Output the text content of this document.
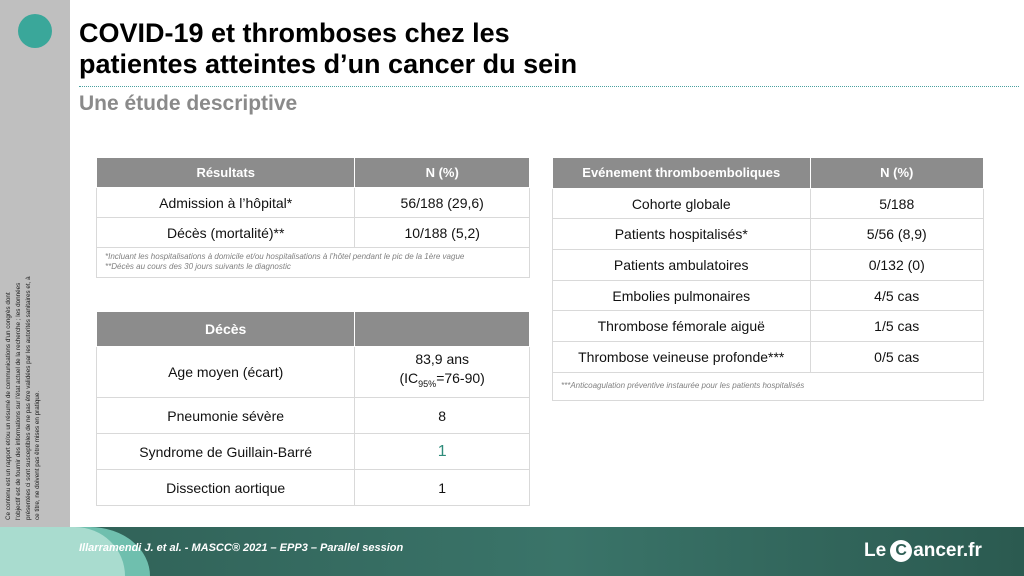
Ce contenu est un rapport et/ou un résumé de communications d'un congrès dont l'objectif est de fournir des informations sur l'état actuel de la recherche ; les données présentées ci sont susceptibles de ne pas être validées par les autorités sanitaires et, à ce titre, ne doivent pas être mises en pratique.
COVID-19 et thromboses chez les
patientes atteintes d’un cancer du sein
Une étude descriptive
Résultats	N (%)
Admission à l’hôpital*	56/188 (29,6)
Décès (mortalité)**	10/188 (5,2)

*Incluant les hospitalisations à domicile et/ou hospitalisations à l’hôtel pendant le pic de la 1ère vague
**Décès au cours des 30 jours suivants le diagnostic	
Décès	
Age moyen (écart)	83,9 ans
$(IC_{95\%}=76-90)$

Pneumonie sévère	8
Syndrome de Guillain-Barré	1
Dissection aortique	1
Evénement thromboemboliques	N (%)
Cohorte globale	5/188
Patients hospitalisés*	5/56 (8,9)
Patients ambulatoires	0/132 (0)
Embolies pulmonaires	4/5 cas
Thrombose fémorale aiguë	1/5 cas
Thrombose veineuse profonde***	0/5 cas
***Anticoagulation préventive instaurée pour les patients hospitalisés	
Illarramendi J. et al. - MASCC® 2021 – EPP3 – Parallel session	Le C ancer.fr
